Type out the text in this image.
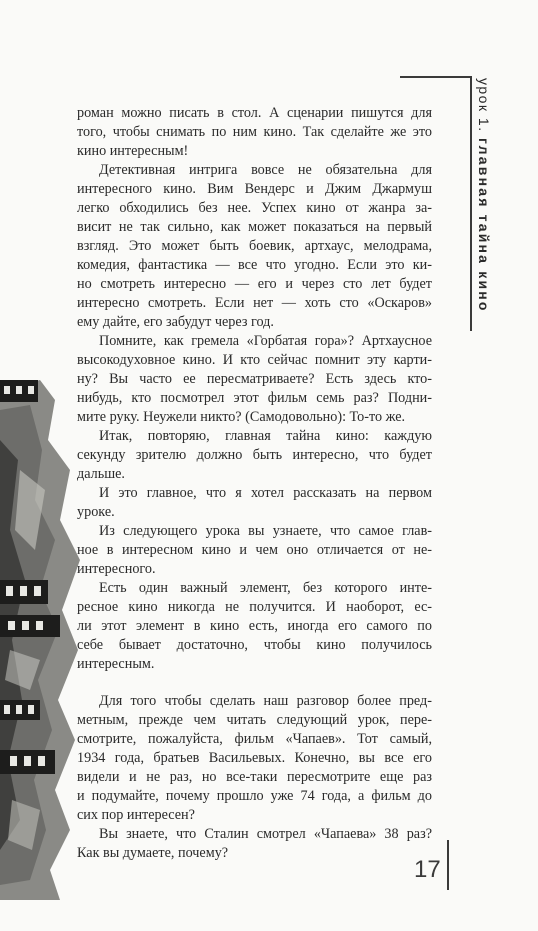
урок 1. главная тайна кино

роман можно писать в стол. А сценарии пишутся для
того, чтобы снимать по ним кино. Так сделайте же это
кино интересным!

Детективная интрига вовсе не обязательна для
интересного кино. Вим Вендерс и Джим Джармуш
легко обходились без нее. Успех кино от жанра за-
висит не так сильно, как может показаться на первый
взгляд. Это может быть боевик, артхаус, мелодрама,
комедия, фантастика — все что угодно. Если это ки-
но смотреть интересно — его и через сто лет будет
интересно смотреть. Если нет — хоть сто «Оскаров»
ему дайте, его забудут через год.

Помните, как гремела «Горбатая гора»? Артхаусное
высокодуховное кино. И кто сейчас помнит эту карти-
ну? Вы часто ее пересматриваете? Есть здесь кто-
нибудь, кто посмотрел этот фильм семь раз? Подни-
мите руку. Неужели никто? (Самодовольно): То-то же.

Итак, повторяю, главная тайна кино: каждую
секунду зрителю должно быть интересно, что будет
дальше.

И это главное, что я хотел рассказать на первом
уроке.

Из следующего урока вы узнаете, что самое глав-
ное в интересном кино и чем оно отличается от не-
интересного.

Есть один важный элемент, без которого инте-
ресное кино никогда не получится. И наоборот, ес-
ли этот элемент в кино есть, иногда его самого по
себе бывает достаточно, чтобы кино получилось
интересным.

Для того чтобы сделать наш разговор более пред-
метным, прежде чем читать следующий урок, пере-
смотрите, пожалуйста, фильм «Чапаев». Тот самый,
1934 года, братьев Васильевых. Конечно, вы все его
видели и не раз, но все-таки пересмотрите еще раз
и подумайте, почему прошло уже 74 года, а фильм до
сих пор интересен?

Вы знаете, что Сталин смотрел «Чапаева» 38 раз?
Как вы думаете, почему?

17
